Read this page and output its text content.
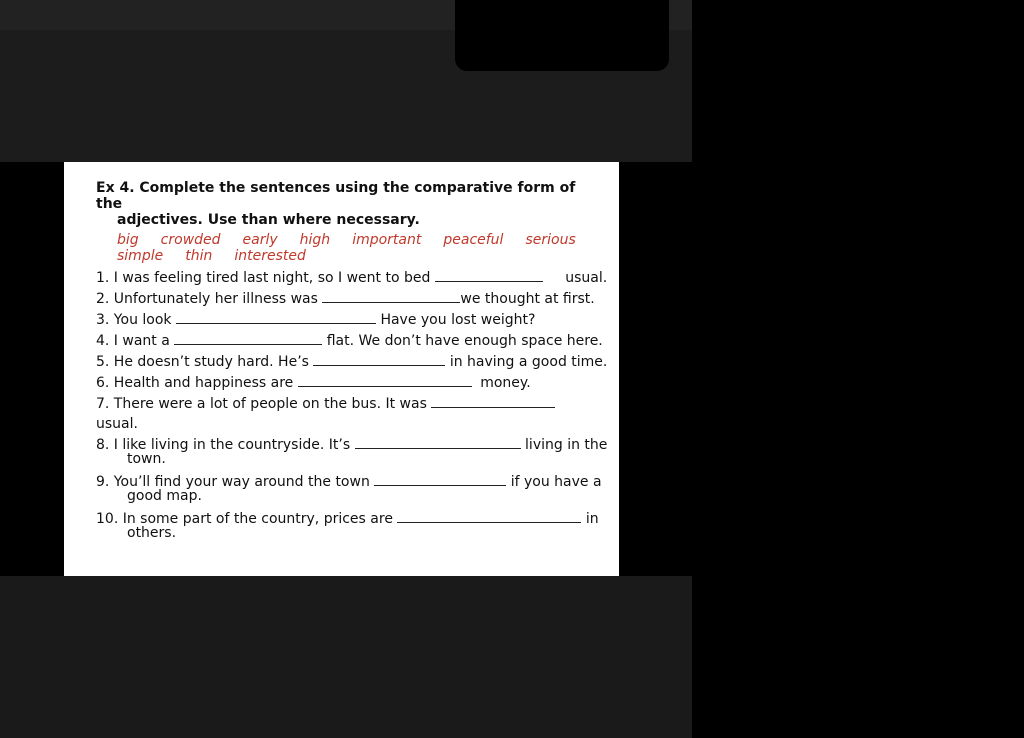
Ex 4. Complete the sentences using the comparative form of the
adjectives. Use than where necessary.
big crowded early high important peaceful serious
simple thin interested
1. I was feeling tired last night, so I went to bed	usual.
2. Unfortunately her illness was	we thought at first.
3. You look	Have you lost weight?
4. I want a	flat. We don’t have enough space here.
5. He doesn’t study hard. He’s	in having a good time.
6. Health and happiness are	money.
7. There were a lot of people on the bus. It was
usual.
8. I like living in the countryside. It’s	living in the
town.
9. You’ll find your way around the town	if you have a
good map.
10. In some part of the country, prices are	in
others.
